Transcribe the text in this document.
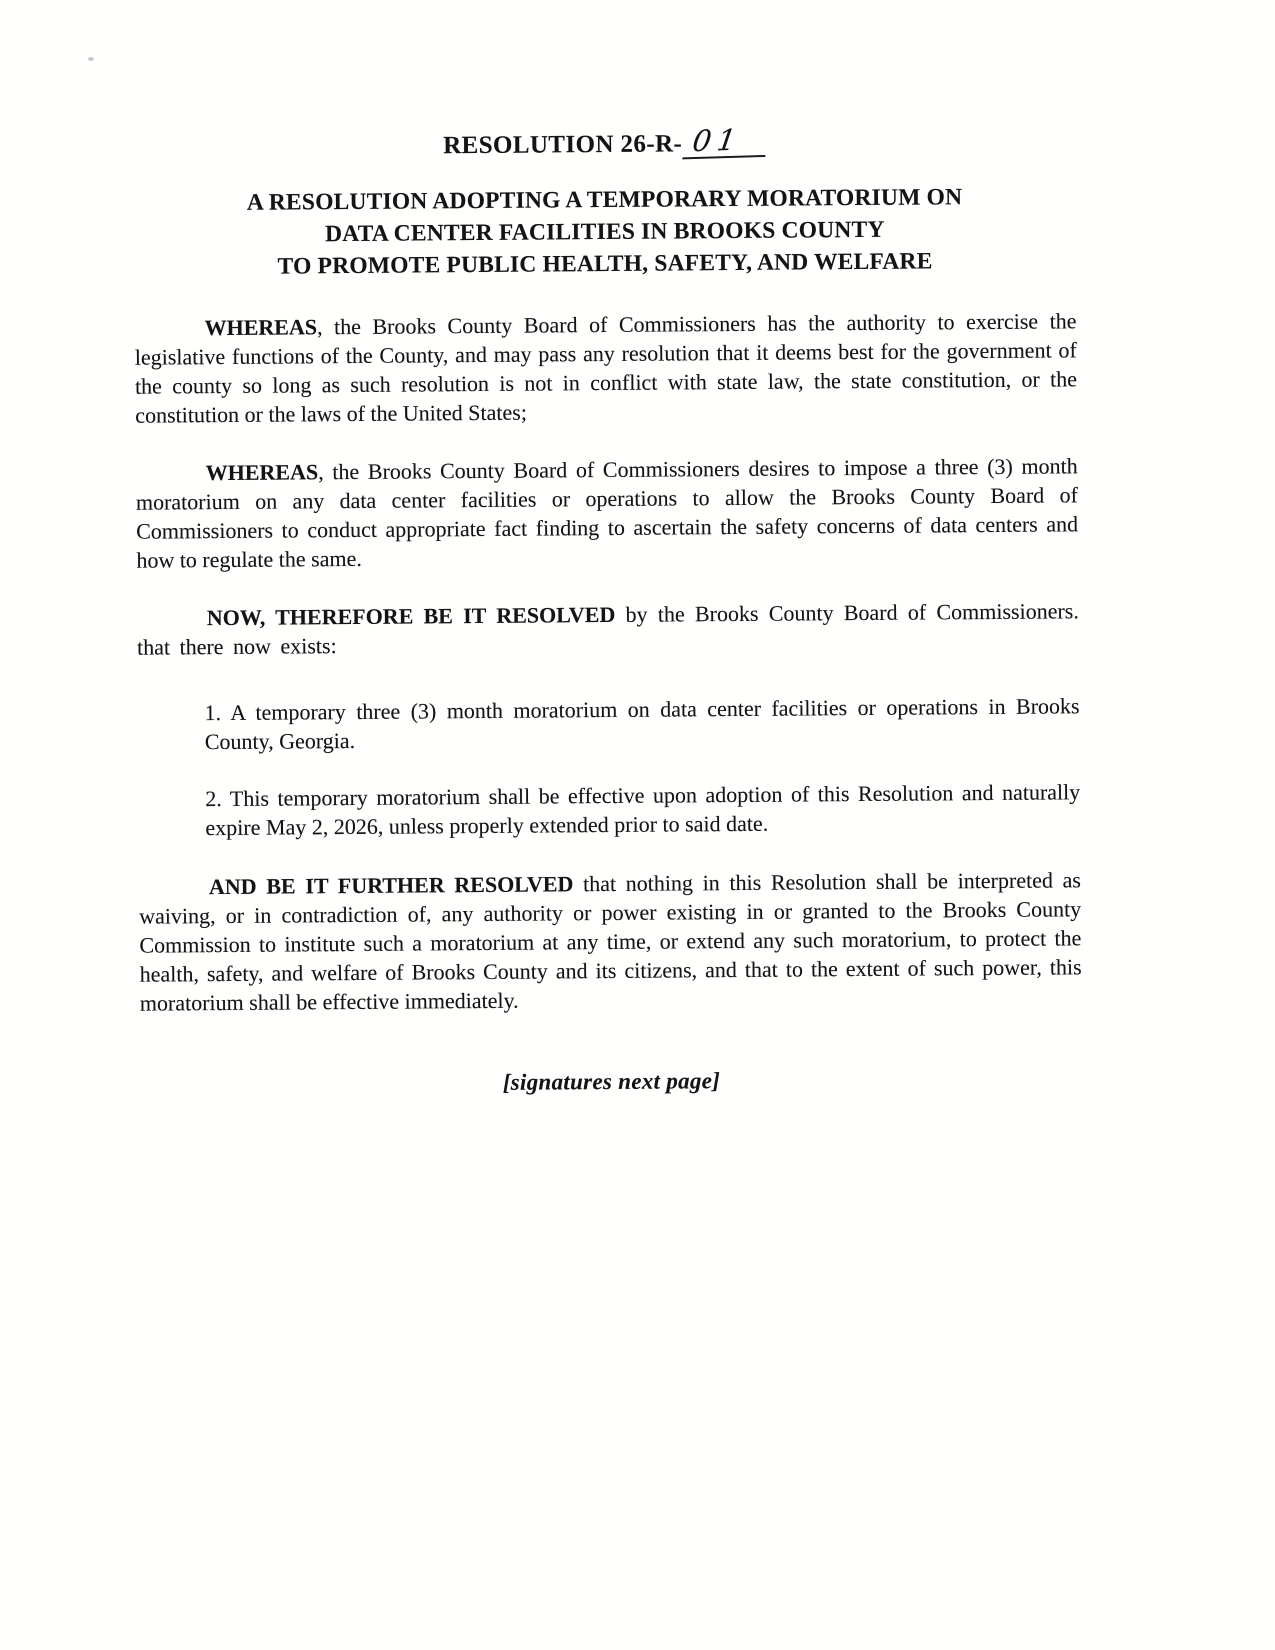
RESOLUTION 26-R- 01
A RESOLUTION ADOPTING A TEMPORARY MORATORIUM ON
DATA CENTER FACILITIES IN BROOKS COUNTY
TO PROMOTE PUBLIC HEALTH, SAFETY, AND WELFARE

WHEREAS, the Brooks County Board of Commissioners has the authority to exercise the legislative functions of the County, and may pass any resolution that it deems best for the government of the county so long as such resolution is not in conflict with state law, the state constitution, or the constitution or the laws of the United States;

WHEREAS, the Brooks County Board of Commissioners desires to impose a three (3) month moratorium on any data center facilities or operations to allow the Brooks County Board of Commissioners to conduct appropriate fact finding to ascertain the safety concerns of data centers and how to regulate the same.

NOW, THEREFORE BE IT RESOLVED by the Brooks County Board of Commissioners. that there now exists:

1. A temporary three (3) month moratorium on data center facilities or operations in Brooks County, Georgia.

2. This temporary moratorium shall be effective upon adoption of this Resolution and naturally expire May 2, 2026, unless properly extended prior to said date.

AND BE IT FURTHER RESOLVED that nothing in this Resolution shall be interpreted as waiving, or in contradiction of, any authority or power existing in or granted to the Brooks County Commission to institute such a moratorium at any time, or extend any such moratorium, to protect the health, safety, and welfare of Brooks County and its citizens, and that to the extent of such power, this moratorium shall be effective immediately.

[signatures next page]
